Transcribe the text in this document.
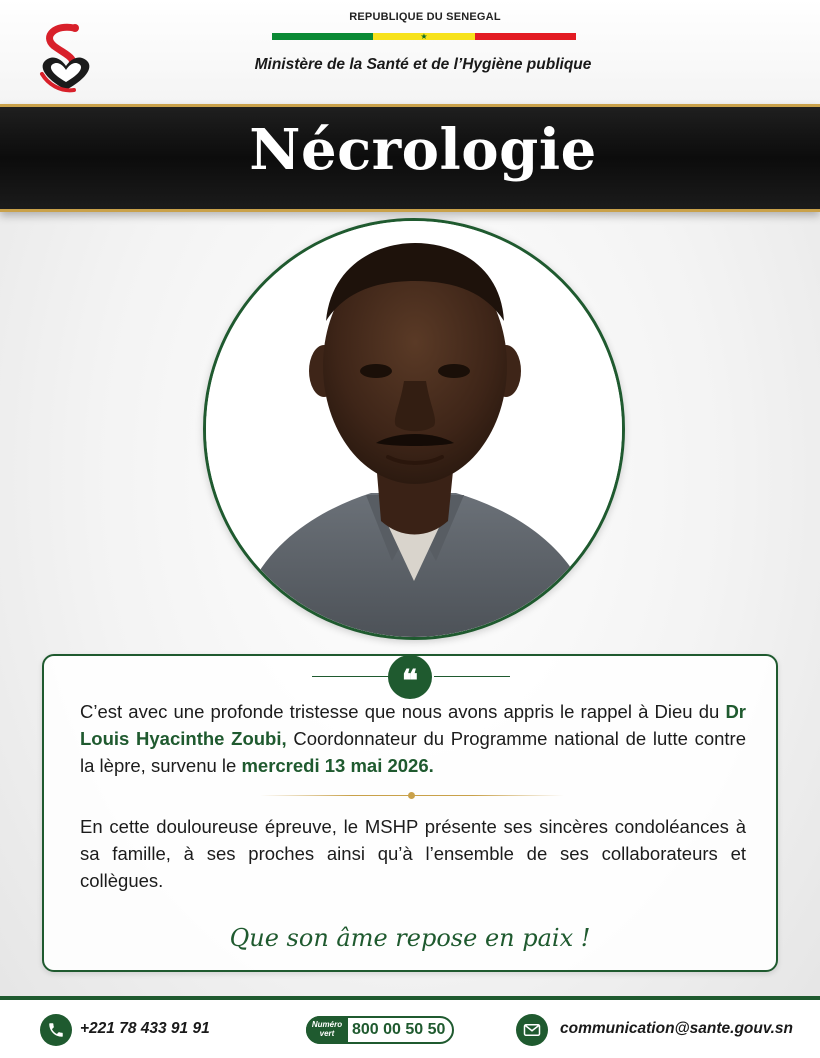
REPUBLIQUE DU SENEGAL
★
Ministère de la Santé et de l’Hygiène publique
Nécrologie

C’est avec une profonde tristesse que nous avons appris le rappel à Dieu du Dr Louis Hyacinthe Zoubi, Coordonnateur du Programme national de lutte contre la lèpre, survenu le mercredi 13 mai 2026.

En cette douloureuse épreuve, le MSHP présente ses sincères condoléances à sa famille, à ses proches ainsi qu’à l’ensemble de ses collaborateurs et collègues.

Que son âme repose en paix !
❝
+221 78 433 91 91	Numéro
vert	800 00 50 50	communication@sante.gouv.sn
